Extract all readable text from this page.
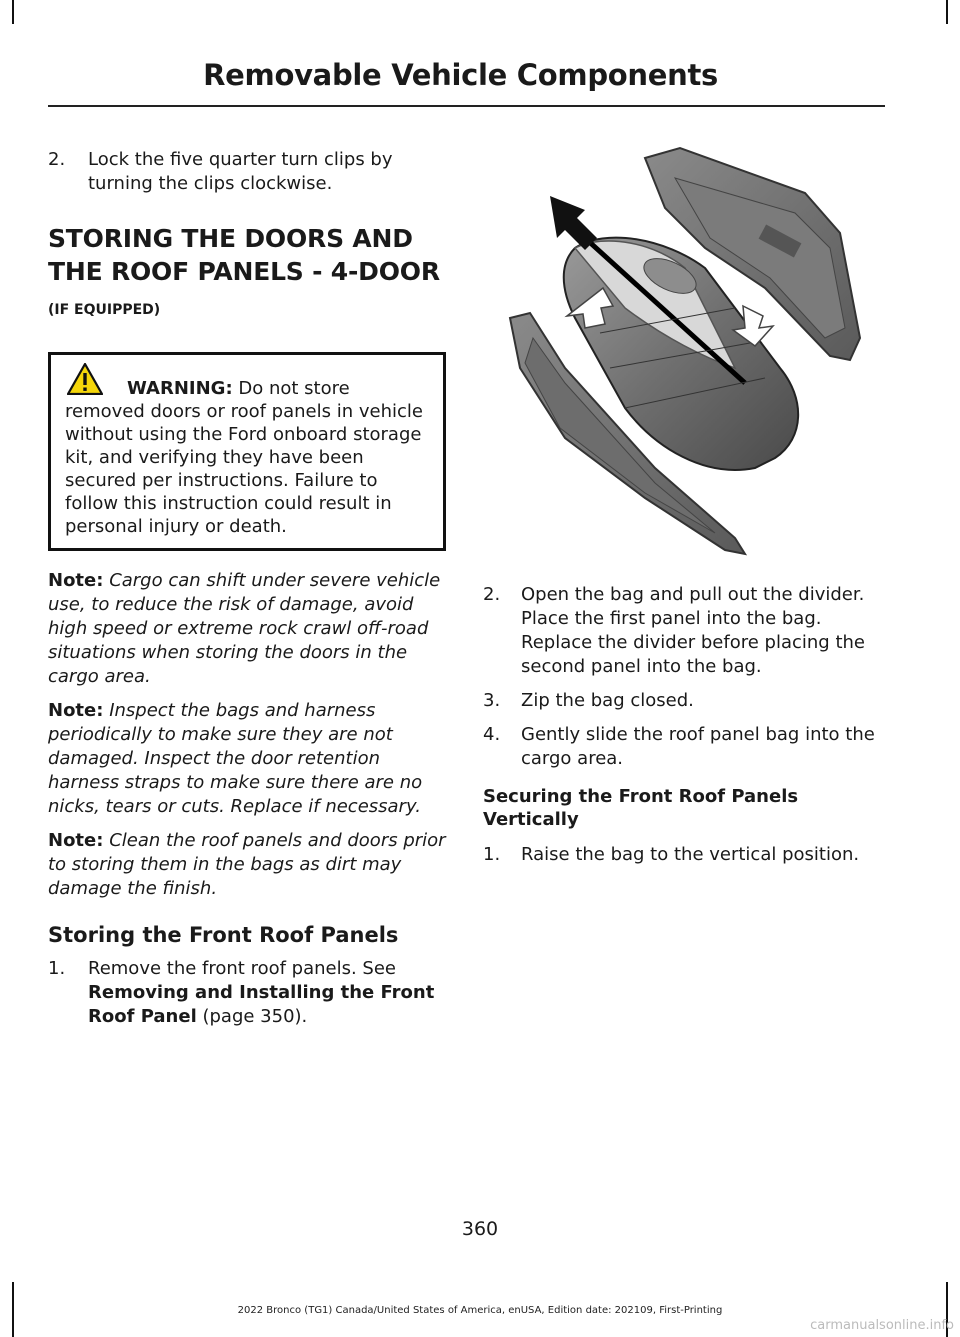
Removable Vehicle Components
2. Lock the five quarter turn clips by turning the clips clockwise.
STORING THE DOORS AND
THE ROOF PANELS - 4-DOOR
(IF EQUIPPED)
WARNING: Do not store removed doors or roof panels in vehicle without using the Ford onboard storage kit, and verifying they have been secured per instructions. Failure to follow this instruction could result in personal injury or death.
Note: Cargo can shift under severe vehicle use, to reduce the risk of damage, avoid high speed or extreme rock crawl off-road situations when storing the doors in the cargo area.
Note: Inspect the bags and harness periodically to make sure they are not damaged. Inspect the door retention harness straps to make sure there are no nicks, tears or cuts. Replace if necessary.
Note: Clean the roof panels and doors prior to storing them in the bags as dirt may damage the finish.
Storing the Front Roof Panels
1. Remove the front roof panels. See Removing and Installing the Front Roof Panel (page 350).
2. Open the bag and pull out the divider. Place the first panel into the bag. Replace the divider before placing the second panel into the bag.
3. Zip the bag closed.
4. Gently slide the roof panel bag into the cargo area.
Securing the Front Roof Panels Vertically
1. Raise the bag to the vertical position.
360
2022 Bronco (TG1) Canada/United States of America, enUSA, Edition date: 202109, First-Printing
carmanualsonline.info
